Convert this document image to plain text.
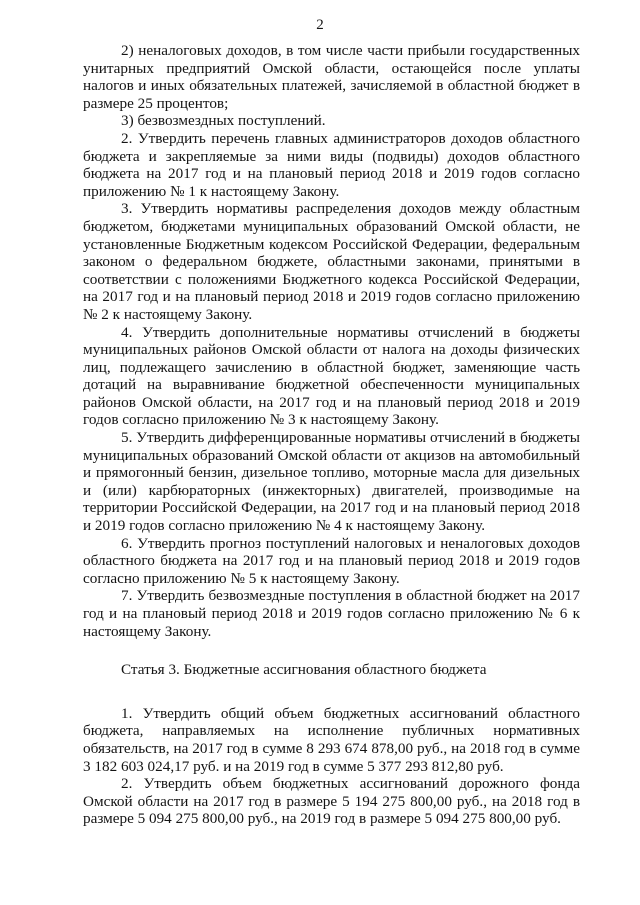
2

2) неналоговых доходов, в том числе части прибыли государственных унитарных предприятий Омской области, остающейся после уплаты налогов и иных обязательных платежей, зачисляемой в областной бюджет в размере 25 процентов;

3) безвозмездных поступлений.

2. Утвердить перечень главных администраторов доходов областного бюджета и закрепляемые за ними виды (подвиды) доходов областного бюджета на 2017 год и на плановый период 2018 и 2019 годов согласно приложению № 1 к настоящему Закону.

3. Утвердить нормативы распределения доходов между областным бюджетом, бюджетами муниципальных образований Омской области, не установленные Бюджетным кодексом Российской Федерации, федеральным законом о федеральном бюджете, областными законами, принятыми в соответствии с положениями Бюджетного кодекса Российской Федерации, на 2017 год и на плановый период 2018 и 2019 годов согласно приложению № 2 к настоящему Закону.

4. Утвердить дополнительные нормативы отчислений в бюджеты муниципальных районов Омской области от налога на доходы физических лиц, подлежащего зачислению в областной бюджет, заменяющие часть дотаций на выравнивание бюджетной обеспеченности муниципальных районов Омской области, на 2017 год и на плановый период 2018 и 2019 годов согласно приложению № 3 к настоящему Закону.

5. Утвердить дифференцированные нормативы отчислений в бюджеты муниципальных образований Омской области от акцизов на автомобильный и прямогонный бензин, дизельное топливо, моторные масла для дизельных и (или) карбюраторных (инжекторных) двигателей, производимые на территории Российской Федерации, на 2017 год и на плановый период 2018 и 2019 годов согласно приложению № 4 к настоящему Закону.

6. Утвердить прогноз поступлений налоговых и неналоговых доходов областного бюджета на 2017 год и на плановый период 2018 и 2019 годов согласно приложению № 5 к настоящему Закону.

7. Утвердить безвозмездные поступления в областной бюджет на 2017 год и на плановый период 2018 и 2019 годов согласно приложению № 6 к настоящему Закону.

Статья 3. Бюджетные ассигнования областного бюджета

1. Утвердить общий объем бюджетных ассигнований областного бюджета, направляемых на исполнение публичных нормативных обязательств, на 2017 год в сумме 8 293 674 878,00 руб., на 2018 год в сумме 3 182 603 024,17 руб. и на 2019 год в сумме 5 377 293 812,80 руб.

2. Утвердить объем бюджетных ассигнований дорожного фонда Омской области на 2017 год в размере 5 194 275 800,00 руб., на 2018 год в размере 5 094 275 800,00 руб., на 2019 год в размере 5 094 275 800,00 руб.
